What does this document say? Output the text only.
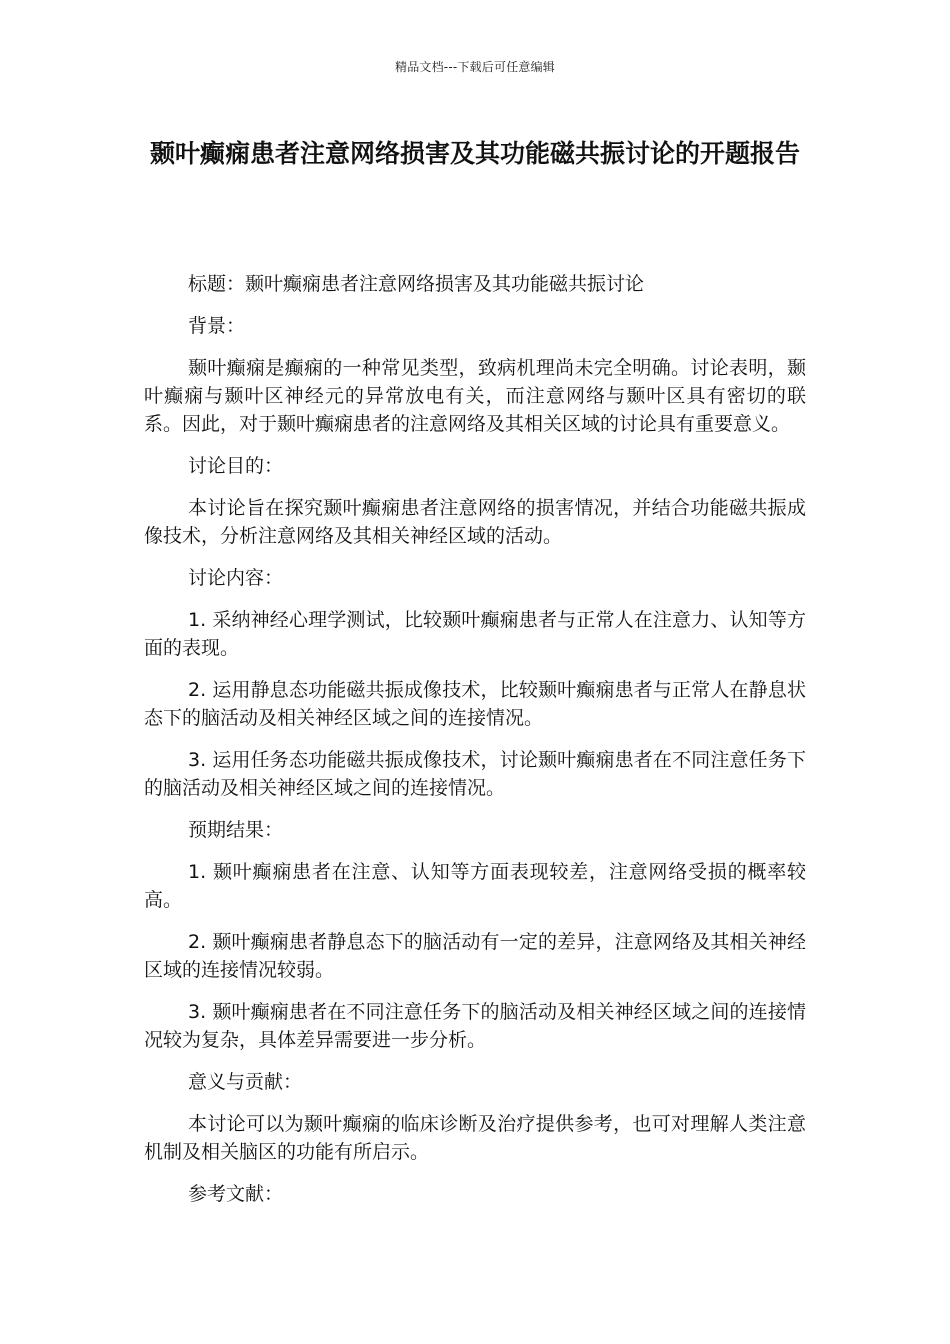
精品文档---下载后可任意编辑
颞叶癫痫患者注意网络损害及其功能磁共振讨论的开题报告

标题：颞叶癫痫患者注意网络损害及其功能磁共振讨论

背景：

颞叶癫痫是癫痫的一种常见类型，致病机理尚未完全明确。讨论表明，颞叶癫痫与颞叶区神经元的异常放电有关，而注意网络与颞叶区具有密切的联系。因此，对于颞叶癫痫患者的注意网络及其相关区域的讨论具有重要意义。

讨论目的：

本讨论旨在探究颞叶癫痫患者注意网络的损害情况，并结合功能磁共振成像技术，分析注意网络及其相关神经区域的活动。

讨论内容：

1. 采纳神经心理学测试，比较颞叶癫痫患者与正常人在注意力、认知等方面的表现。

2. 运用静息态功能磁共振成像技术，比较颞叶癫痫患者与正常人在静息状态下的脑活动及相关神经区域之间的连接情况。

3. 运用任务态功能磁共振成像技术，讨论颞叶癫痫患者在不同注意任务下的脑活动及相关神经区域之间的连接情况。

预期结果：

1. 颞叶癫痫患者在注意、认知等方面表现较差，注意网络受损的概率较高。

2. 颞叶癫痫患者静息态下的脑活动有一定的差异，注意网络及其相关神经区域的连接情况较弱。

3. 颞叶癫痫患者在不同注意任务下的脑活动及相关神经区域之间的连接情况较为复杂，具体差异需要进一步分析。

意义与贡献：

本讨论可以为颞叶癫痫的临床诊断及治疗提供参考，也可对理解人类注意机制及相关脑区的功能有所启示。

参考文献：
